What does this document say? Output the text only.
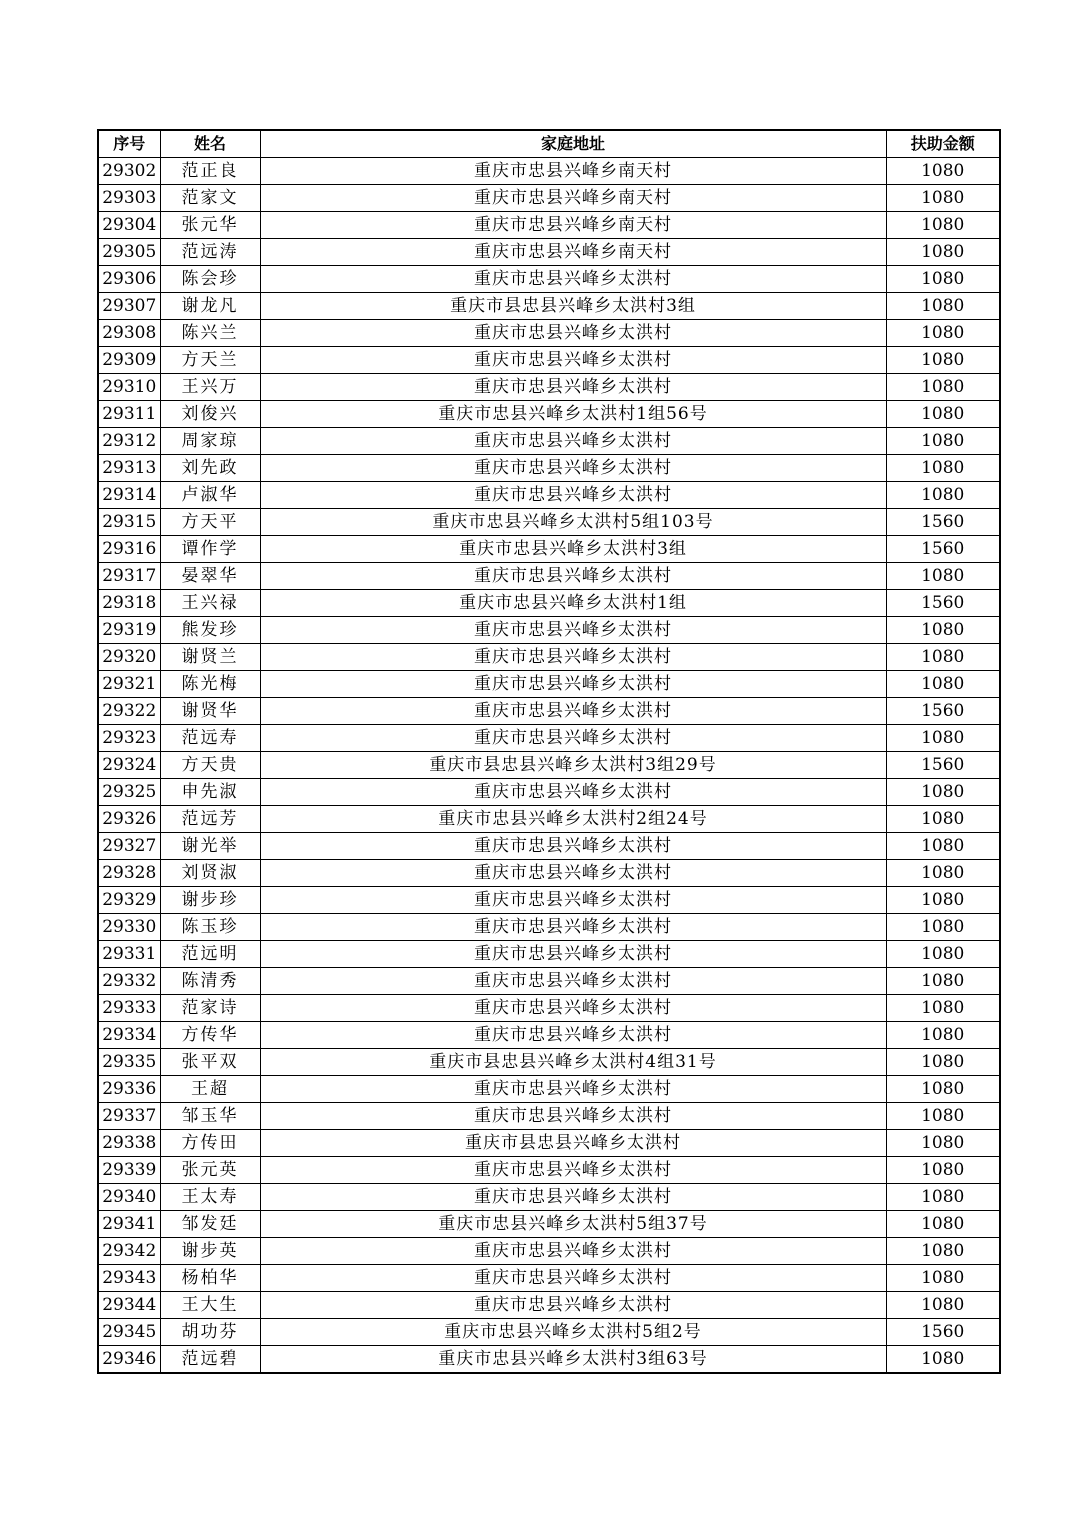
序号	姓名	家庭地址	扶助金额
29302	范正良	重庆市忠县兴峰乡南天村	1080
29303	范家文	重庆市忠县兴峰乡南天村	1080
29304	张元华	重庆市忠县兴峰乡南天村	1080
29305	范远涛	重庆市忠县兴峰乡南天村	1080
29306	陈会珍	重庆市忠县兴峰乡太洪村	1080
29307	谢龙凡	重庆市县忠县兴峰乡太洪村3组	1080
29308	陈兴兰	重庆市忠县兴峰乡太洪村	1080
29309	方天兰	重庆市忠县兴峰乡太洪村	1080
29310	王兴万	重庆市忠县兴峰乡太洪村	1080
29311	刘俊兴	重庆市忠县兴峰乡太洪村1组56号	1080
29312	周家琼	重庆市忠县兴峰乡太洪村	1080
29313	刘先政	重庆市忠县兴峰乡太洪村	1080
29314	卢淑华	重庆市忠县兴峰乡太洪村	1080
29315	方天平	重庆市忠县兴峰乡太洪村5组103号	1560
29316	谭作学	重庆市忠县兴峰乡太洪村3组	1560
29317	晏翠华	重庆市忠县兴峰乡太洪村	1080
29318	王兴禄	重庆市忠县兴峰乡太洪村1组	1560
29319	熊发珍	重庆市忠县兴峰乡太洪村	1080
29320	谢贤兰	重庆市忠县兴峰乡太洪村	1080
29321	陈光梅	重庆市忠县兴峰乡太洪村	1080
29322	谢贤华	重庆市忠县兴峰乡太洪村	1560
29323	范远寿	重庆市忠县兴峰乡太洪村	1080
29324	方天贵	重庆市县忠县兴峰乡太洪村3组29号	1560
29325	申先淑	重庆市忠县兴峰乡太洪村	1080
29326	范远芳	重庆市忠县兴峰乡太洪村2组24号	1080
29327	谢光举	重庆市忠县兴峰乡太洪村	1080
29328	刘贤淑	重庆市忠县兴峰乡太洪村	1080
29329	谢步珍	重庆市忠县兴峰乡太洪村	1080
29330	陈玉珍	重庆市忠县兴峰乡太洪村	1080
29331	范远明	重庆市忠县兴峰乡太洪村	1080
29332	陈清秀	重庆市忠县兴峰乡太洪村	1080
29333	范家诗	重庆市忠县兴峰乡太洪村	1080
29334	方传华	重庆市忠县兴峰乡太洪村	1080
29335	张平双	重庆市县忠县兴峰乡太洪村4组31号	1080
29336	王超	重庆市忠县兴峰乡太洪村	1080
29337	邹玉华	重庆市忠县兴峰乡太洪村	1080
29338	方传田	重庆市县忠县兴峰乡太洪村	1080
29339	张元英	重庆市忠县兴峰乡太洪村	1080
29340	王太寿	重庆市忠县兴峰乡太洪村	1080
29341	邹发廷	重庆市忠县兴峰乡太洪村5组37号	1080
29342	谢步英	重庆市忠县兴峰乡太洪村	1080
29343	杨柏华	重庆市忠县兴峰乡太洪村	1080
29344	王大生	重庆市忠县兴峰乡太洪村	1080
29345	胡功芬	重庆市忠县兴峰乡太洪村5组2号	1560
29346	范远碧	重庆市忠县兴峰乡太洪村3组63号	1080
